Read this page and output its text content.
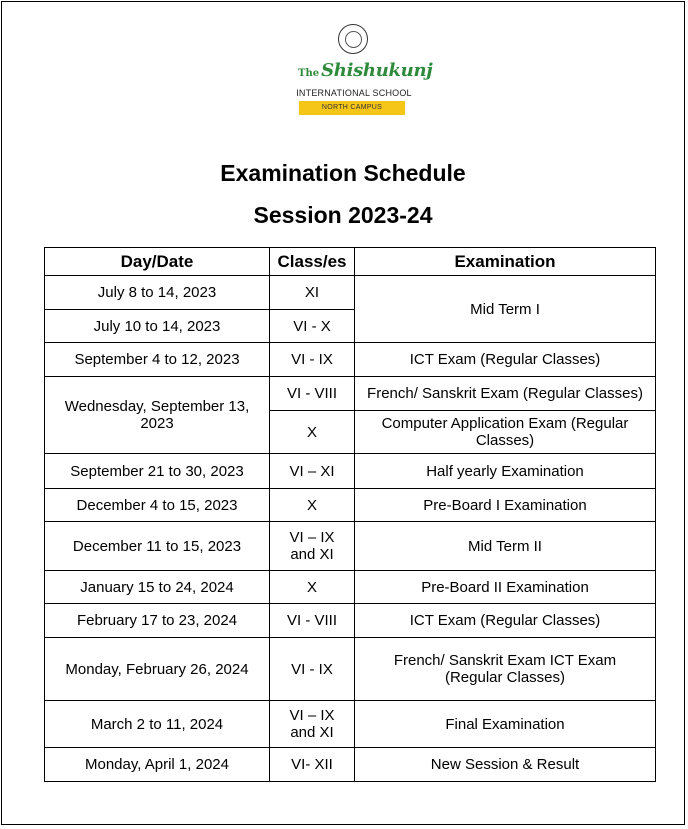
The Shishukunj
INTERNATIONAL SCHOOL
NORTH CAMPUS
Examination Schedule
Session 2023-24
Day/Date	Class/es	Examination
July 8 to 14, 2023	XI	Mid Term I
July 10 to 14, 2023	VI - X	
September 4 to 12, 2023	VI - IX	ICT Exam (Regular Classes)
Wednesday, September 13, 2023	VI - VIII	French/ Sanskrit Exam (Regular Classes)
	X	Computer Application Exam (Regular Classes)
September 21 to 30, 2023	VI – XI	Half yearly Examination
December 4 to 15, 2023	X	Pre-Board I Examination
December 11 to 15, 2023	VI – IX and XI	Mid Term II
January 15 to 24, 2024	X	Pre-Board II Examination
February 17 to 23, 2024	VI - VIII	ICT Exam (Regular Classes)
Monday, February 26, 2024	VI - IX	French/ Sanskrit Exam ICT Exam (Regular Classes)
March 2 to 11, 2024	VI – IX and XI	Final Examination
Monday, April 1, 2024	VI- XII	New Session & Result
